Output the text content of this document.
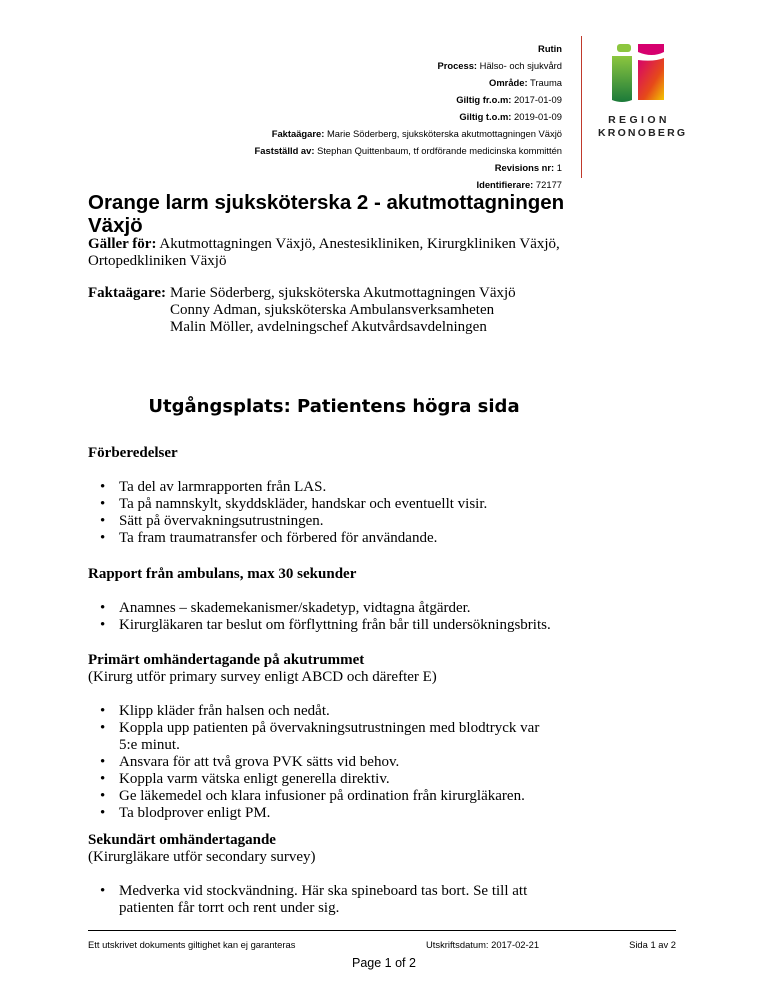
Rutin
Process: Hälso- och sjukvård
Område: Trauma
Giltig fr.o.m: 2017-01-09
Giltig t.o.m: 2019-01-09
Faktaägare: Marie Söderberg, sjuksköterska akutmottagningen Växjö
Fastställd av: Stephan Quittenbaum, tf ordförande medicinska kommittén
Revisions nr: 1
Identifierare: 72177
REGION
KRONOBERG
Orange larm sjuksköterska 2 - akutmottagningen Växjö
Gäller för: Akutmottagningen Växjö, Anestesikliniken, Kirurgkliniken Växjö, Ortopedkliniken Växjö
Faktaägare: Marie Söderberg, sjuksköterska Akutmottagningen Växjö
Conny Adman, sjuksköterska Ambulansverksamheten
Malin Möller, avdelningschef Akutvårdsavdelningen
Utgångsplats: Patientens högra sida
Förberedelser
• Ta del av larmrapporten från LAS.
• Ta på namnskylt, skyddskläder, handskar och eventuellt visir.
• Sätt på övervakningsutrustningen.
• Ta fram traumatransfer och förbered för användande.
Rapport från ambulans, max 30 sekunder
• Anamnes – skademekanismer/skadetyp, vidtagna åtgärder.
• Kirurgläkaren tar beslut om förflyttning från bår till undersökningsbrits.
Primärt omhändertagande på akutrummet
(Kirurg utför primary survey enligt ABCD och därefter E)
• Klipp kläder från halsen och nedåt.
• Koppla upp patienten på övervakningsutrustningen med blodtryck var 5:e minut.
• Ansvara för att två grova PVK sätts vid behov.
• Koppla varm vätska enligt generella direktiv.
• Ge läkemedel och klara infusioner på ordination från kirurgläkaren.
• Ta blodprover enligt PM.
Sekundärt omhändertagande
(Kirurgläkare utför secondary survey)
• Medverka vid stockvändning. Här ska spineboard tas bort. Se till att patienten får torrt och rent under sig.
Ett utskrivet dokuments giltighet kan ej garanteras	Utskriftsdatum: 2017-02-21	Sida 1 av 2
Page 1 of 2
